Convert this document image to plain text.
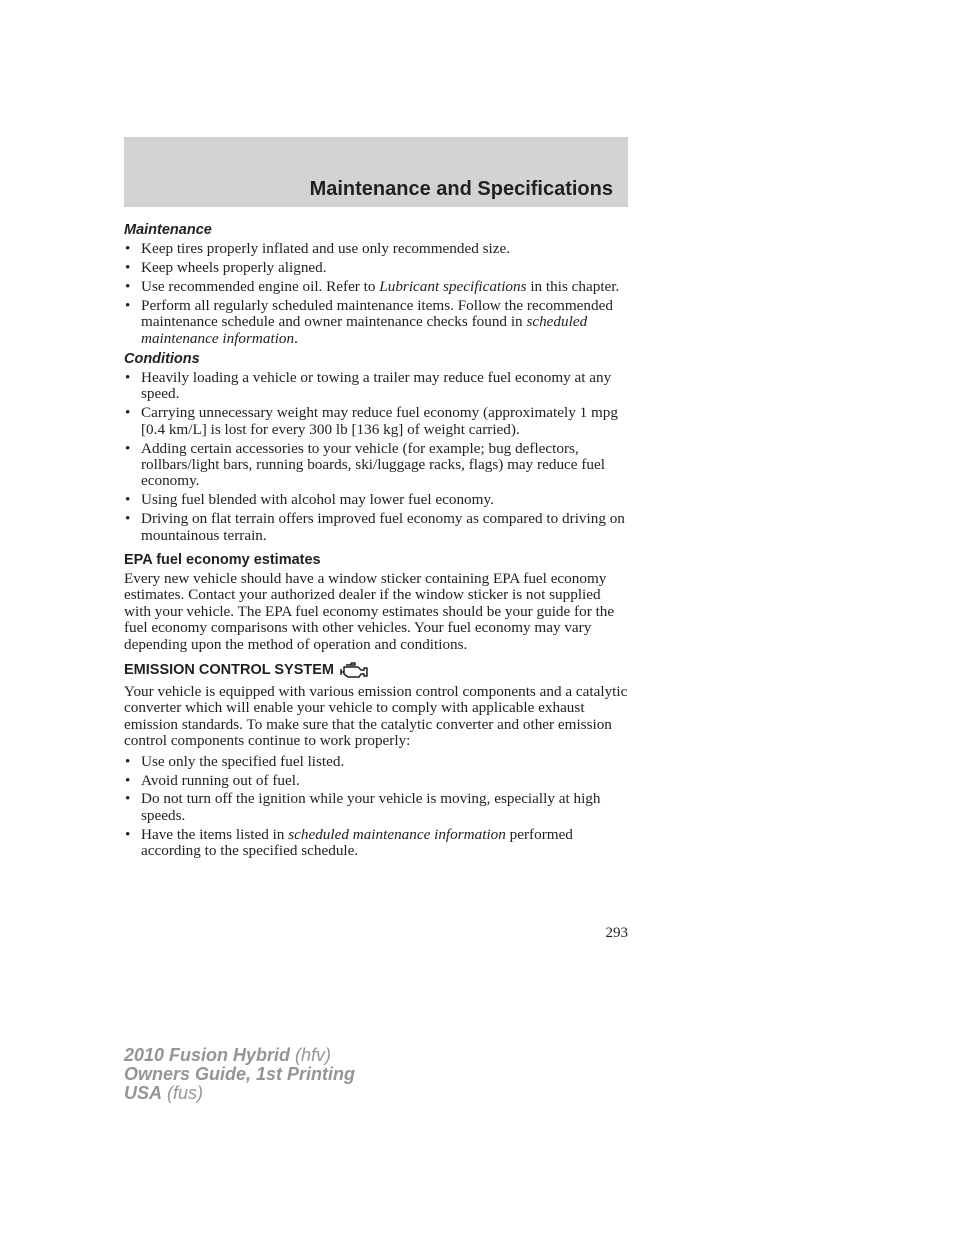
Maintenance and Specifications
Maintenance
• Keep tires properly inflated and use only recommended size.
• Keep wheels properly aligned.
• Use recommended engine oil. Refer to Lubricant specifications in this chapter.
• Perform all regularly scheduled maintenance items. Follow the recommended maintenance schedule and owner maintenance checks found in scheduled maintenance information.
Conditions
• Heavily loading a vehicle or towing a trailer may reduce fuel economy at any speed.
• Carrying unnecessary weight may reduce fuel economy (approximately 1 mpg [0.4 km/L] is lost for every 300 lb [136 kg] of weight carried).
• Adding certain accessories to your vehicle (for example; bug deflectors, rollbars/light bars, running boards, ski/luggage racks, flags) may reduce fuel economy.
• Using fuel blended with alcohol may lower fuel economy.
• Driving on flat terrain offers improved fuel economy as compared to driving on mountainous terrain.
EPA fuel economy estimates

Every new vehicle should have a window sticker containing EPA fuel economy estimates. Contact your authorized dealer if the window sticker is not supplied with your vehicle. The EPA fuel economy estimates should be your guide for the fuel economy comparisons with other vehicles. Your fuel economy may vary depending upon the method of operation and conditions.

EMISSION CONTROL SYSTEM

Your vehicle is equipped with various emission control components and a catalytic converter which will enable your vehicle to comply with applicable exhaust emission standards. To make sure that the catalytic converter and other emission control components continue to work properly:

• Use only the specified fuel listed.
• Avoid running out of fuel.
• Do not turn off the ignition while your vehicle is moving, especially at high speeds.
• Have the items listed in scheduled maintenance information performed according to the specified schedule.
293
2010 Fusion Hybrid (hfv)
Owners Guide, 1st Printing
USA (fus)
